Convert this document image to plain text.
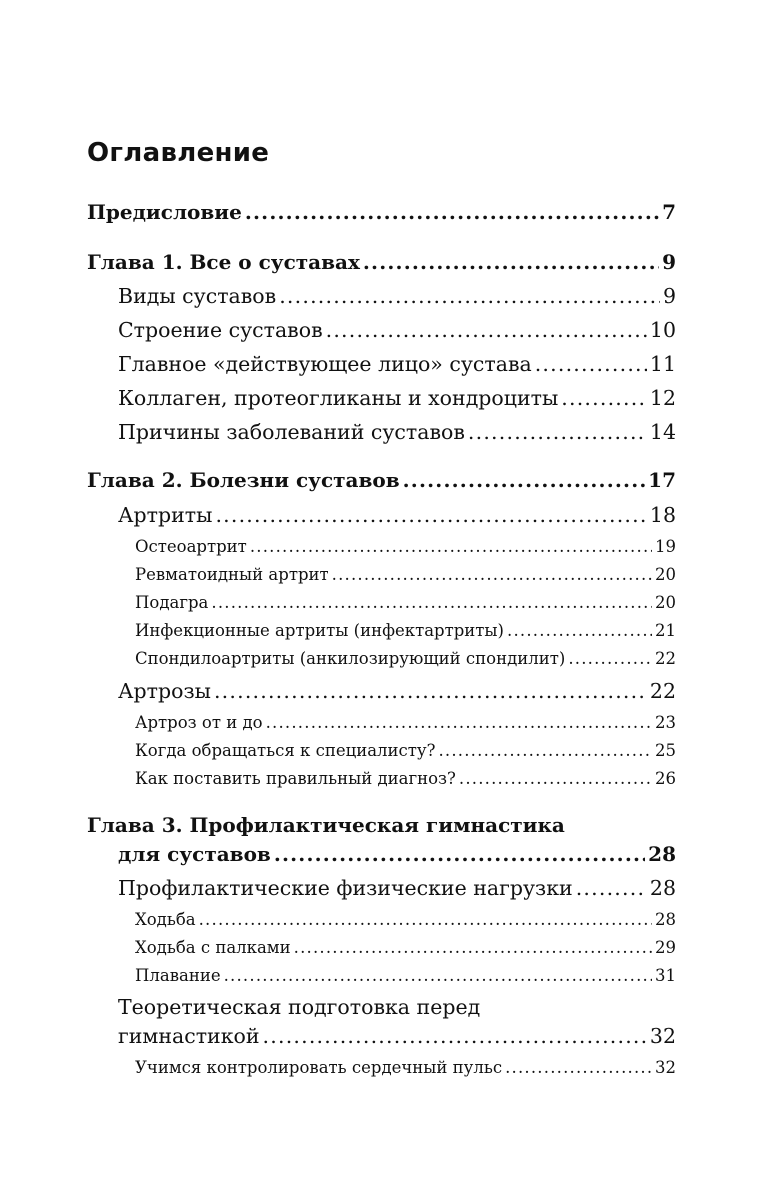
Оглавление
Предисловие .....	7
Глава 1. Все о суставах .....	9
Виды суставов .....	9
Строение суставов .....	10
Главное «действующее лицо» сустава .....	11
Коллаген, протеогликаны и хондроциты .....	12
Причины заболеваний суставов .....	14
Глава 2. Болезни суставов .....	17
Артриты .....	18
Остеоартрит .....	19
Ревматоидный артрит .....	20
Подагра .....	20
Инфекционные артриты (инфектартриты) .....	21
Спондилоартриты (анкилозирующий спондилит) .....	22
Артрозы .....	22
Артроз от и до .....	23
Когда обращаться к специалисту? .....	25
Как поставить правильный диагноз? .....	26
Глава 3. Профилактическая гимнастика
для суставов .....	28
Профилактические физические нагрузки .....	28
Ходьба .....	28
Ходьба с палками .....	29
Плавание .....	31
Теоретическая подготовка перед
гимнастикой .....	32
Учимся контролировать сердечный пульс .....	32
